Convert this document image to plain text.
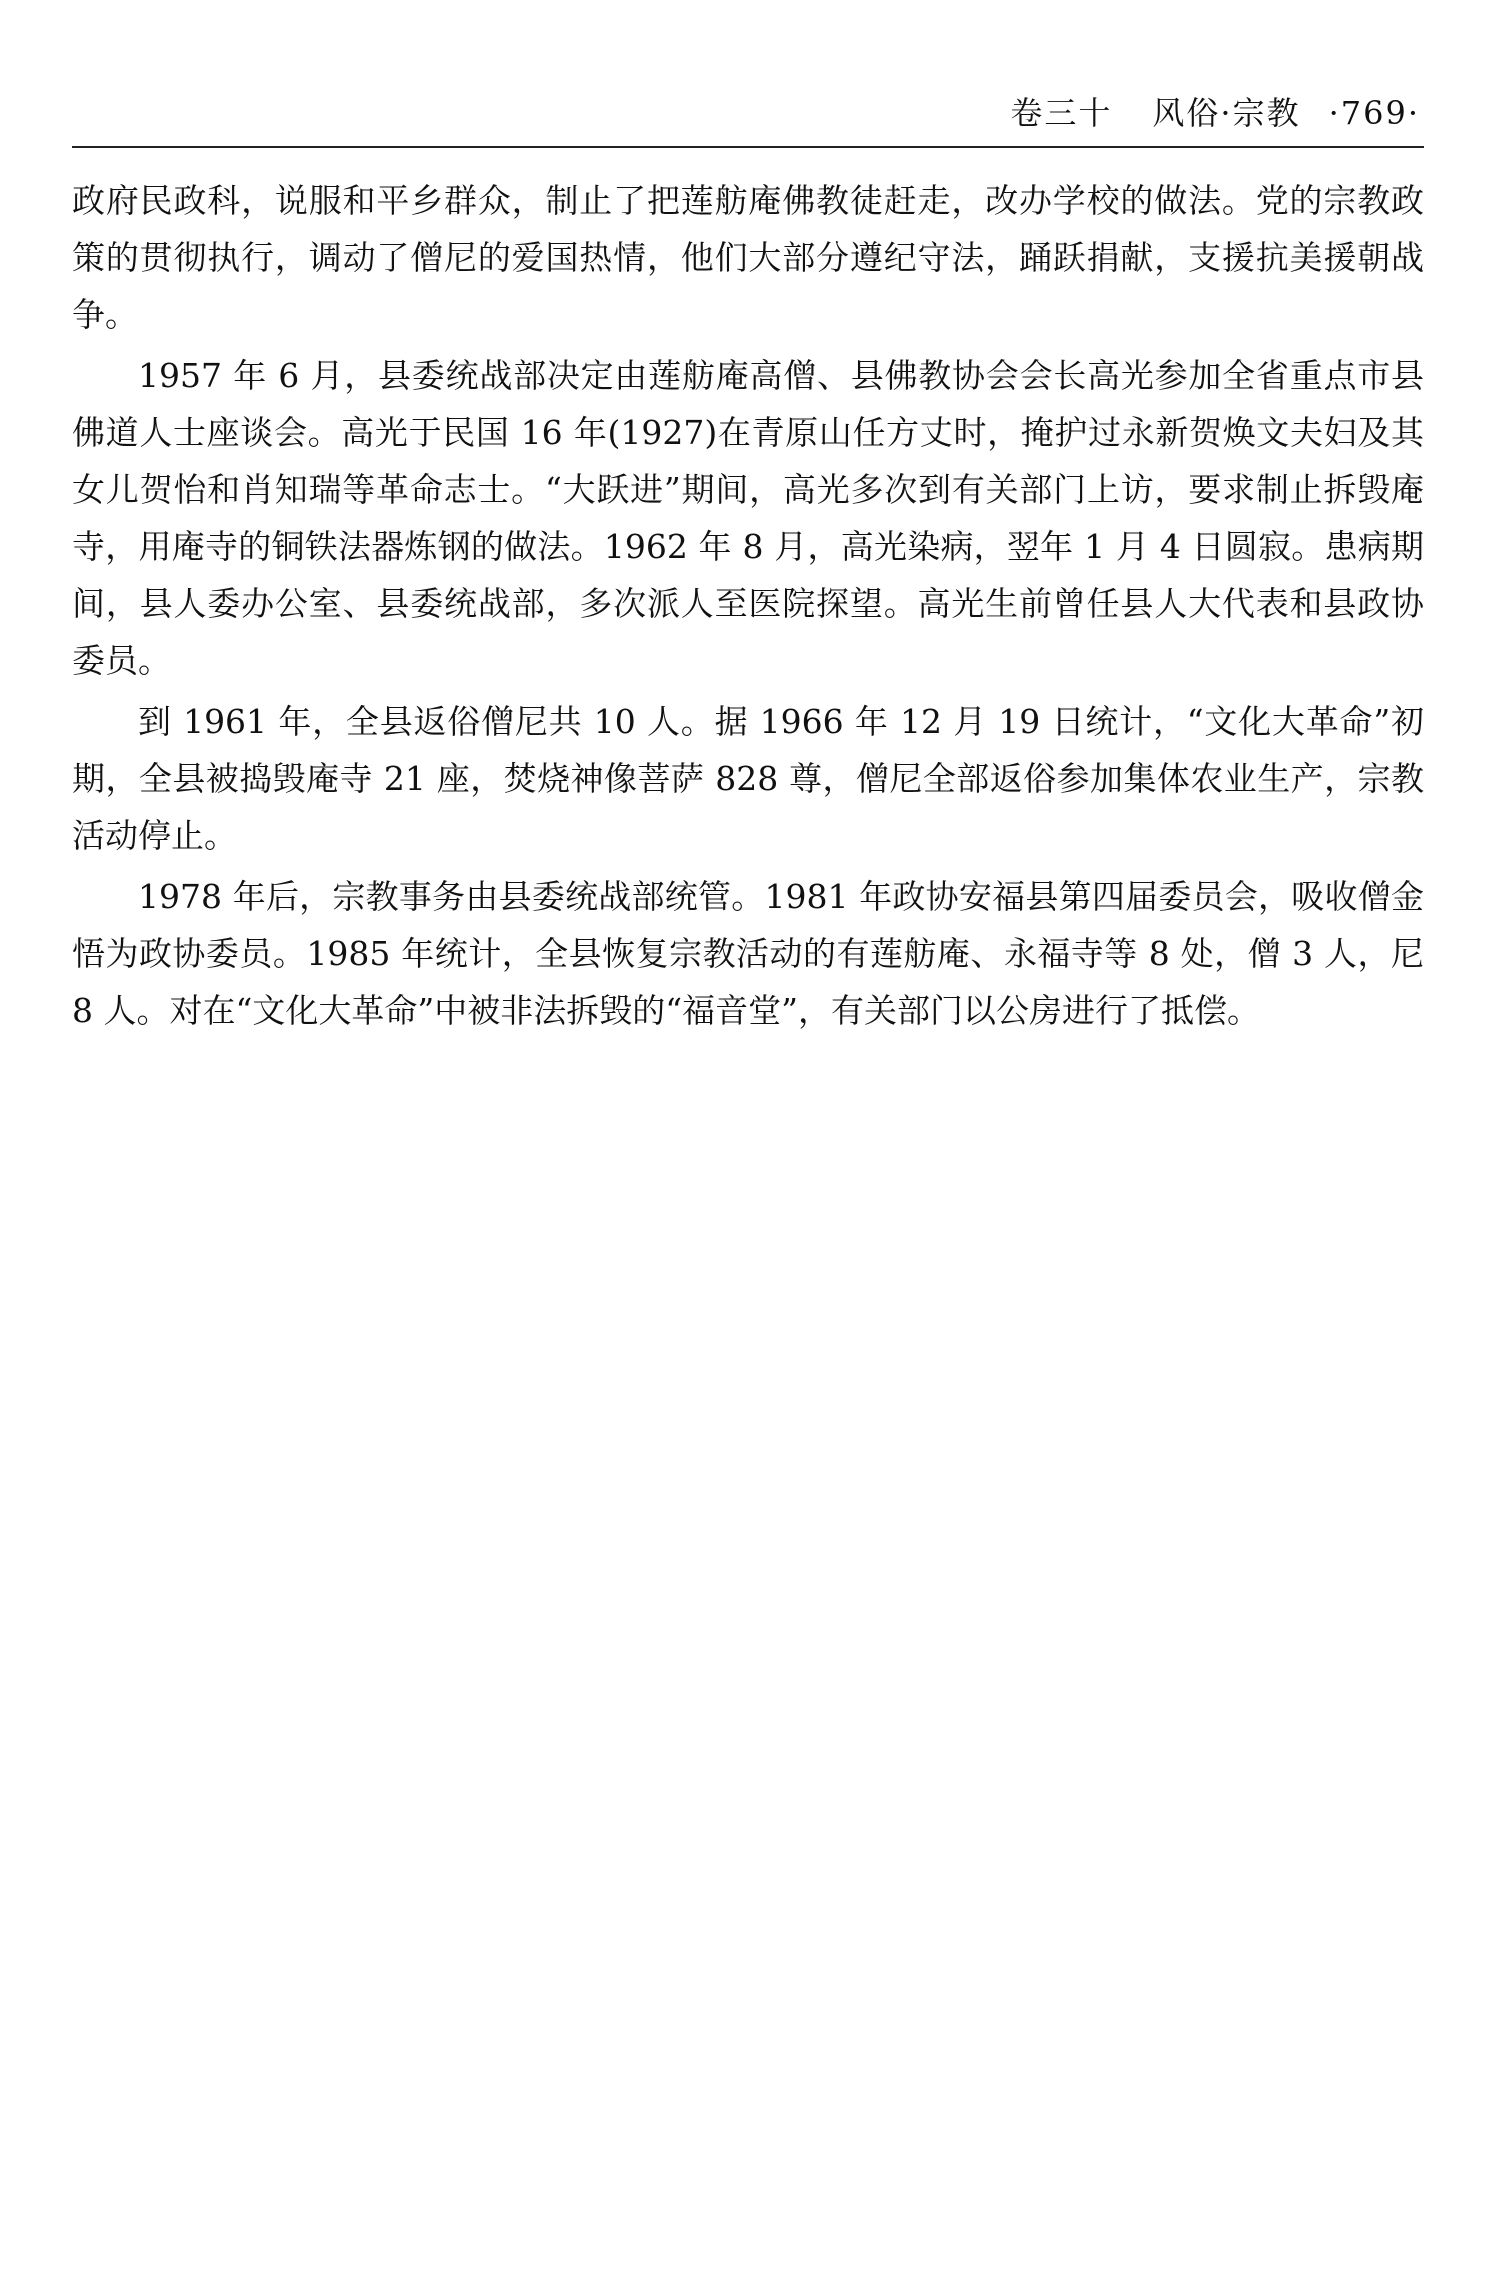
卷三十 风俗·宗教 ·769·

政府民政科，说服和平乡群众，制止了把莲舫庵佛教徒赶走，改办学校的做法。党的宗教政策的贯彻执行，调动了僧尼的爱国热情，他们大部分遵纪守法，踊跃捐献，支援抗美援朝战争。

1957 年 6 月，县委统战部决定由莲舫庵高僧、县佛教协会会长高光参加全省重点市县佛道人士座谈会。高光于民国 16 年(1927)在青原山任方丈时，掩护过永新贺焕文夫妇及其女儿贺怡和肖知瑞等革命志士。“大跃进”期间，高光多次到有关部门上访，要求制止拆毁庵寺，用庵寺的铜铁法器炼钢的做法。1962 年 8 月，高光染病，翌年 1 月 4 日圆寂。患病期间，县人委办公室、县委统战部，多次派人至医院探望。高光生前曾任县人大代表和县政协委员。

到 1961 年，全县返俗僧尼共 10 人。据 1966 年 12 月 19 日统计，“文化大革命”初期，全县被捣毁庵寺 21 座，焚烧神像菩萨 828 尊，僧尼全部返俗参加集体农业生产，宗教活动停止。

1978 年后，宗教事务由县委统战部统管。1981 年政协安福县第四届委员会，吸收僧金悟为政协委员。1985 年统计，全县恢复宗教活动的有莲舫庵、永福寺等 8 处，僧 3 人，尼 8 人。对在“文化大革命”中被非法拆毁的“福音堂”，有关部门以公房进行了抵偿。
